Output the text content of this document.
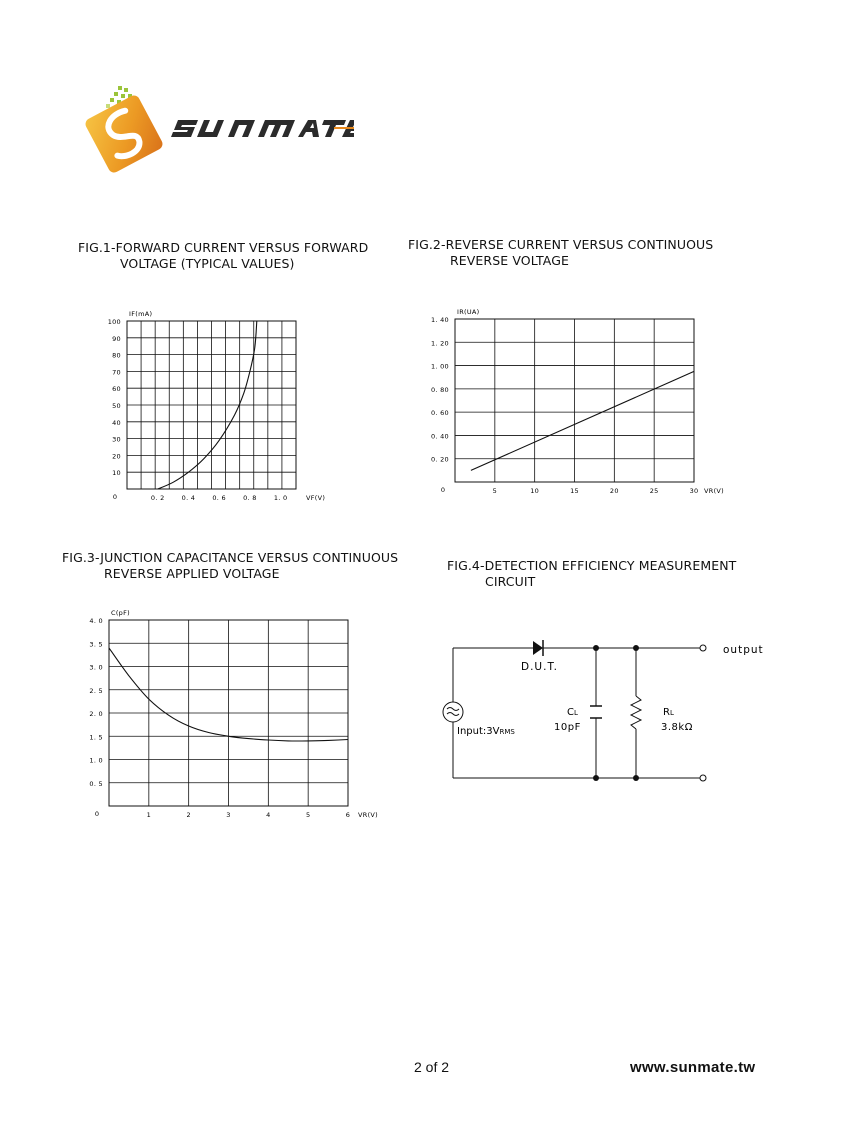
FIG.1-FORWARD CURRENT VERSUS FORWARD
VOLTAGE (TYPICAL VALUES)
FIG.2-REVERSE CURRENT VERSUS CONTINUOUS
REVERSE VOLTAGE
FIG.3-JUNCTION CAPACITANCE VERSUS CONTINUOUS
REVERSE APPLIED VOLTAGE
FIG.4-DETECTION EFFICIENCY MEASUREMENT
CIRCUIT
10
20
30
40
50
60
70
80
90
100
0. 2	0. 4	0. 6	0. 8	1. 0
0
IF(mA)
VF(V)
0. 20
0. 40
0. 60
0. 80
1. 00
1. 20
1. 40
5	10	15	20	25	30
0
IR(UA)
VR(V)
0. 5
1. 0
1. 5
2. 0
2. 5
3. 0
3. 5
4. 0
1	2	3	4	5	6
0
C(pF)
VR(V)
output
D.U.T.
Input:3VRMS
CL
10pF
RL
3.8kΩ
2 of 2	www.sunmate.tw
